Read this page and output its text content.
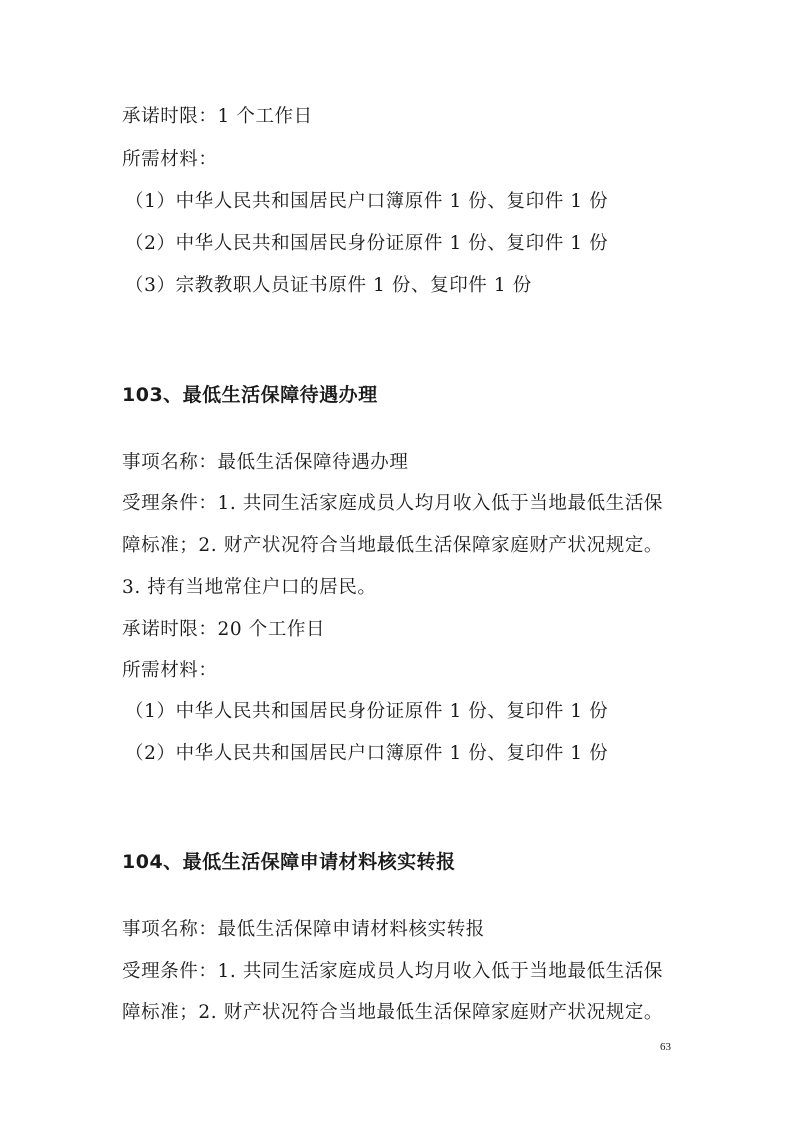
承诺时限：1 个工作日
所需材料：
（1）中华人民共和国居民户口簿原件 1 份、复印件 1 份
（2）中华人民共和国居民身份证原件 1 份、复印件 1 份
（3）宗教教职人员证书原件 1 份、复印件 1 份
103、最低生活保障待遇办理
事项名称：最低生活保障待遇办理
受理条件：1. 共同生活家庭成员人均月收入低于当地最低生活保
障标准；2. 财产状况符合当地最低生活保障家庭财产状况规定。
3. 持有当地常住户口的居民。
承诺时限：20 个工作日
所需材料：
（1）中华人民共和国居民身份证原件 1 份、复印件 1 份
（2）中华人民共和国居民户口簿原件 1 份、复印件 1 份
104、最低生活保障申请材料核实转报
事项名称：最低生活保障申请材料核实转报
受理条件：1. 共同生活家庭成员人均月收入低于当地最低生活保
障标准；2. 财产状况符合当地最低生活保障家庭财产状况规定。
63
